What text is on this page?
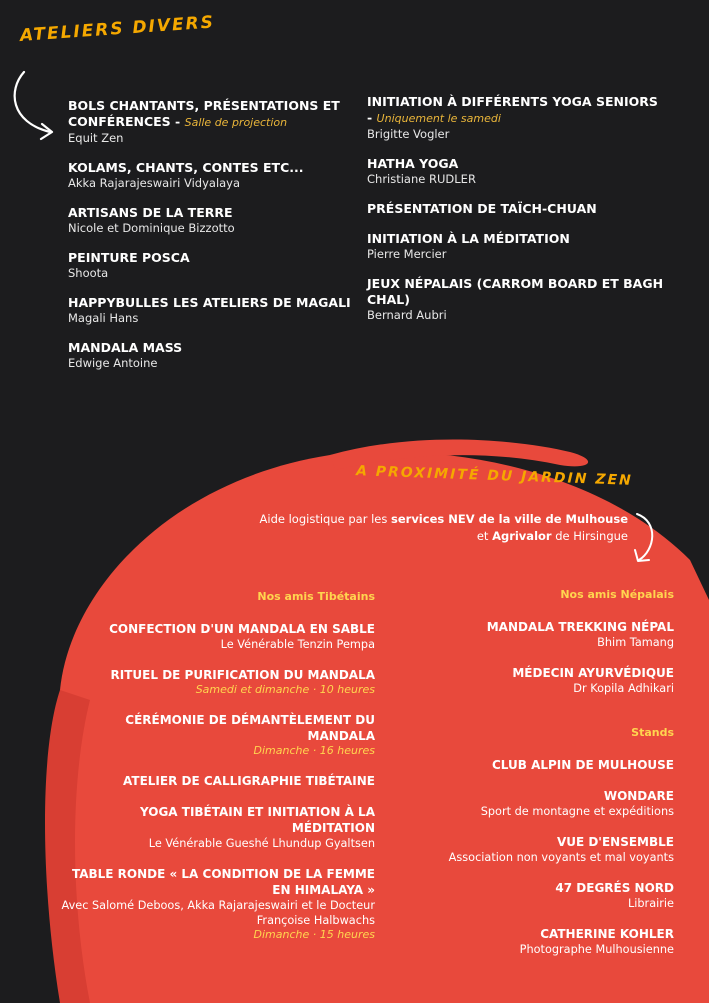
ATELIERS DIVERS
BOLS CHANTANTS, PRÉSENTATIONS ET CONFÉRENCES - Salle de projection
Equit Zen
KOLAMS, CHANTS, CONTES ETC...
Akka Rajarajeswairi Vidyalaya
ARTISANS DE LA TERRE
Nicole et Dominique Bizzotto
PEINTURE POSCA
Shoota
HAPPYBULLES LES ATELIERS DE MAGALI
Magali Hans
MANDALA MASS
Edwige Antoine
INITIATION À DIFFÉRENTS YOGA SENIORS - Uniquement le samedi
Brigitte Vogler
HATHA YOGA
Christiane RUDLER
PRÉSENTATION DE TAÏCH-CHUAN
INITIATION À LA MÉDITATION
Pierre Mercier
JEUX NÉPALAIS (CARROM BOARD ET BAGH CHAL)
Bernard Aubri
A PROXIMITÉ DU JARDIN ZEN
Aide logistique par les services NEV de la ville de Mulhouse et Agrivalor de Hirsingue
Nos amis Tibétains
CONFECTION D'UN MANDALA EN SABLE
Le Vénérable Tenzin Pempa
RITUEL DE PURIFICATION DU MANDALA
Samedi et dimanche · 10 heures
CÉRÉMONIE DE DÉMANTÈLEMENT DU MANDALA
Dimanche · 16 heures
ATELIER DE CALLIGRAPHIE TIBÉTAINE
YOGA TIBÉTAIN ET INITIATION À LA MÉDITATION
Le Vénérable Gueshé Lhundup Gyaltsen
TABLE RONDE « LA CONDITION DE LA FEMME EN HIMALAYA »
Avec Salomé Deboos, Akka Rajarajeswairi et le Docteur Françoise Halbwachs
Dimanche · 15 heures
Nos amis Népalais
MANDALA TREKKING NÉPAL
Bhim Tamang
MÉDECIN AYURVÉDIQUE
Dr Kopila Adhikari
Stands
CLUB ALPIN DE MULHOUSE
WONDARE
Sport de montagne et expéditions
VUE D'ENSEMBLE
Association non voyants et mal voyants
47 DEGRÉS NORD
Librairie
CATHERINE KOHLER
Photographe Mulhousienne
